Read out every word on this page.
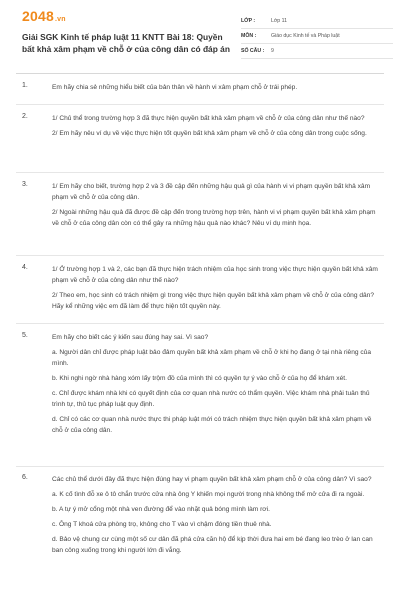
2048.vn
Giải SGK Kinh tế pháp luật 11 KNTT Bài 18: Quyền bất khả xâm phạm về chỗ ở của công dân có đáp án
LỚP :	Lớp 11
MÔN :	Giáo dục Kinh tế và Pháp luật
SỐ CÂU :	9
1.	Em hãy chia sẻ những hiểu biết của bản thân về hành vi xâm phạm chỗ ở trái phép.

2.	1/ Chủ thể trong trường hợp 3 đã thực hiện quyền bất khả xâm phạm về chỗ ở của công dân như thế nào?

2/ Em hãy nêu ví dụ về việc thực hiện tốt quyền bất khả xâm phạm về chỗ ở của công dân trong cuộc sống.

3.	1/ Em hãy cho biết, trường hợp 2 và 3 đề cập đến những hậu quả gì của hành vi vi phạm quyền bất khả xâm phạm về chỗ ở của công dân.

2/ Ngoài những hậu quả đã được đề cập đến trong trường hợp trên, hành vi vi phạm quyền bất khả xâm phạm về chỗ ở của công dân còn có thể gây ra những hậu quả nào khác? Nêu ví dụ minh họa.

4.	1/ Ở trường hợp 1 và 2, các bạn đã thực hiện trách nhiệm của học sinh trong việc thực hiện quyền bất khả xâm phạm về chỗ ở của công dân như thế nào?

2/ Theo em, học sinh có trách nhiệm gì trong việc thực hiện quyền bất khả xâm phạm về chỗ ở của công dân? Hãy kể những việc em đã làm để thực hiện tốt quyền này.

5.	Em hãy cho biết các ý kiến sau đúng hay sai. Vì sao?

a. Người dân chỉ được pháp luật bảo đảm quyền bất khả xâm phạm về chỗ ở khi họ đang ở tại nhà riêng của mình.

b. Khi nghi ngờ nhà hàng xóm lấy trộm đồ của mình thì có quyền tự ý vào chỗ ở của họ để khám xét.

c. Chỉ được khám nhà khi có quyết định của cơ quan nhà nước có thẩm quyền. Việc khám nhà phải tuân thủ trình tự, thủ tục pháp luật quy định.

d. Chỉ có các cơ quan nhà nước thực thi pháp luật mới có trách nhiệm thực hiện quyền bất khả xâm phạm về chỗ ở của công dân.

6.	Các chủ thể dưới đây đã thực hiện đúng hay vi phạm quyền bất khả xâm phạm chỗ ở của công dân? Vì sao?

a. K cố tình đỗ xe ô tô chắn trước cửa nhà ông Y khiến mọi người trong nhà không thể mở cửa đi ra ngoài.

b. A tự ý mở cổng một nhà ven đường để vào nhặt quả bóng mình làm rơi.

c. Ông T khoá cửa phòng trọ, không cho T vào vì chậm đóng tiền thuê nhà.

d. Bảo vệ chung cư cùng một số cư dân đã phá cửa căn hộ để kịp thời đưa hai em bé đang leo trèo ở lan can ban công xuống trong khi người lớn đi vắng.
